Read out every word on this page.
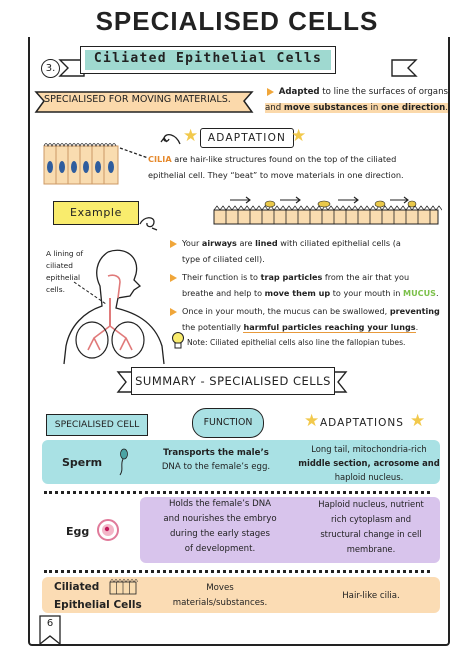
SPECIALISED CELLS
3.
Ciliated Epithelial Cells
SPECIALISED FOR MOVING MATERIALS.
Adapted to line the surfaces of organs
and move substances in one direction.
★ ADAPTATION ★
CILIA are hair-like structures found on the top of the ciliated
epithelial cell. They “beat” to move materials in one direction.
Example
A lining of
ciliated
epithelial
cells.
Your airways are lined with ciliated epithelial cells (a
type of ciliated cell).
Their function is to trap particles from the air that you
breathe and help to move them up to your mouth in MUCUS.
Once in your mouth, the mucus can be swallowed, preventing
the potentially harmful particles reaching your lungs.
Note: Ciliated epithelial cells also line the fallopian tubes.
SUMMARY - SPECIALISED CELLS
SPECIALISED CELL	FUNCTION	★ ADAPTATIONS ★
Sperm
Transports the male’s
DNA to the female’s egg.
Long tail, mitochondria-rich
middle section, acrosome and
haploid nucleus.
Egg
Holds the female’s DNA
and nourishes the embryo
during the early stages
of development.
Haploid nucleus, nutrient
rich cytoplasm and
structural change in cell
membrane.
Ciliated
Epithelial Cells
Moves
materials/substances.
Hair-like cilia.
6
